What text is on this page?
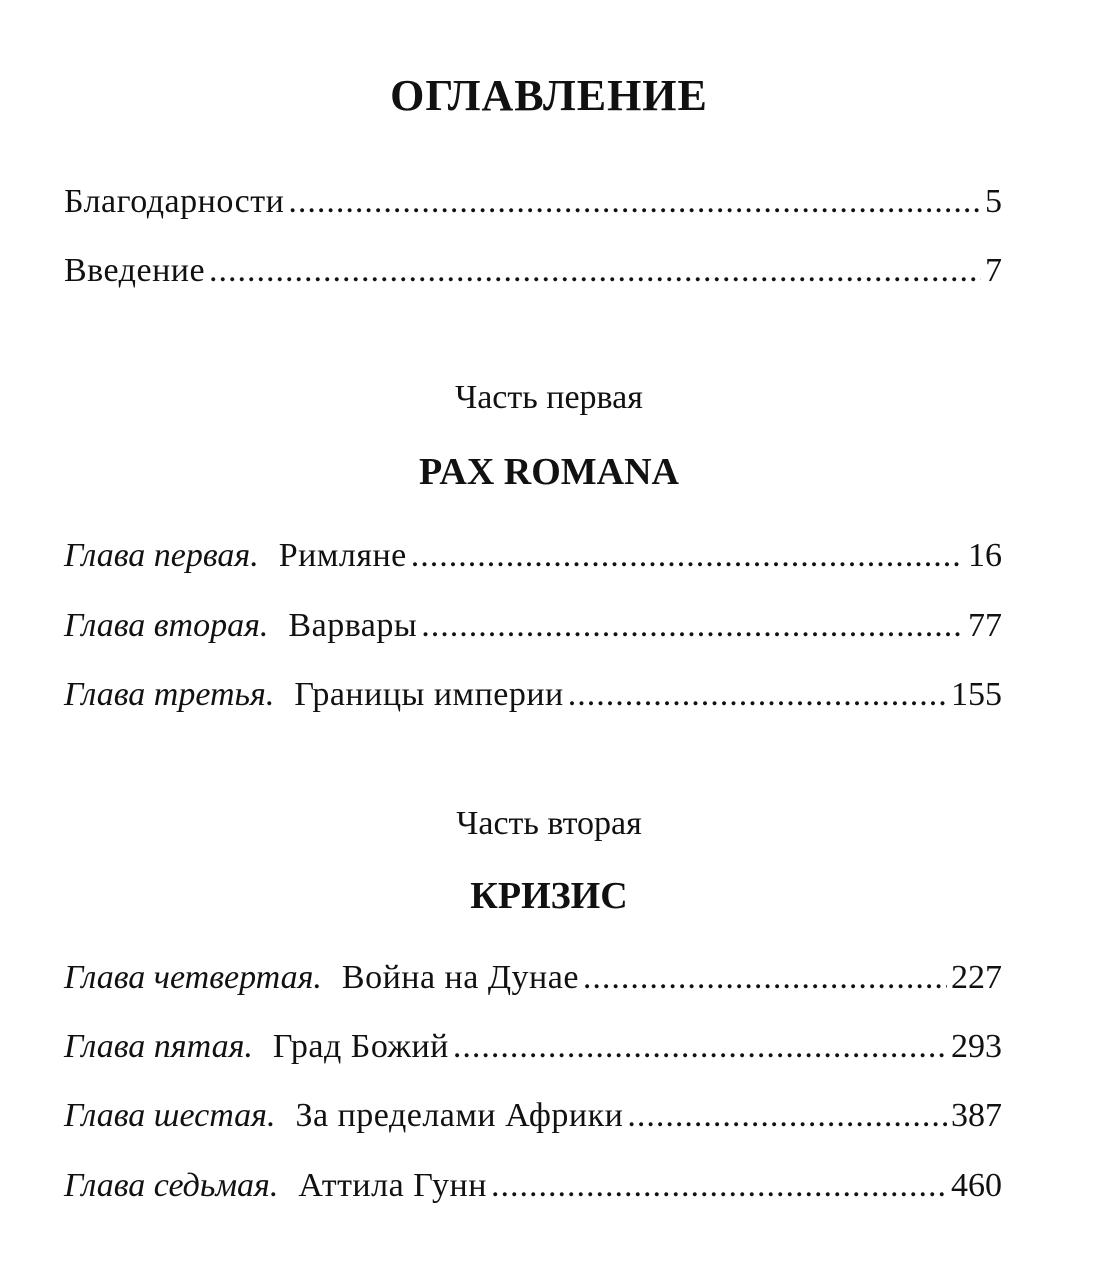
ОГЛАВЛЕНИЕ
Благодарности .....	5
Введение .....	7
Часть первая
PAX ROMANA
Глава первая. Римляне .....	16
Глава вторая. Варвары .....	77
Глава третья. Границы империи .....	155
Часть вторая
КРИЗИС
Глава четвертая. Война на Дунае .....	227
Глава пятая. Град Божий .....	293
Глава шестая. За пределами Африки .....	387
Глава седьмая. Аттила Гунн .....	460
